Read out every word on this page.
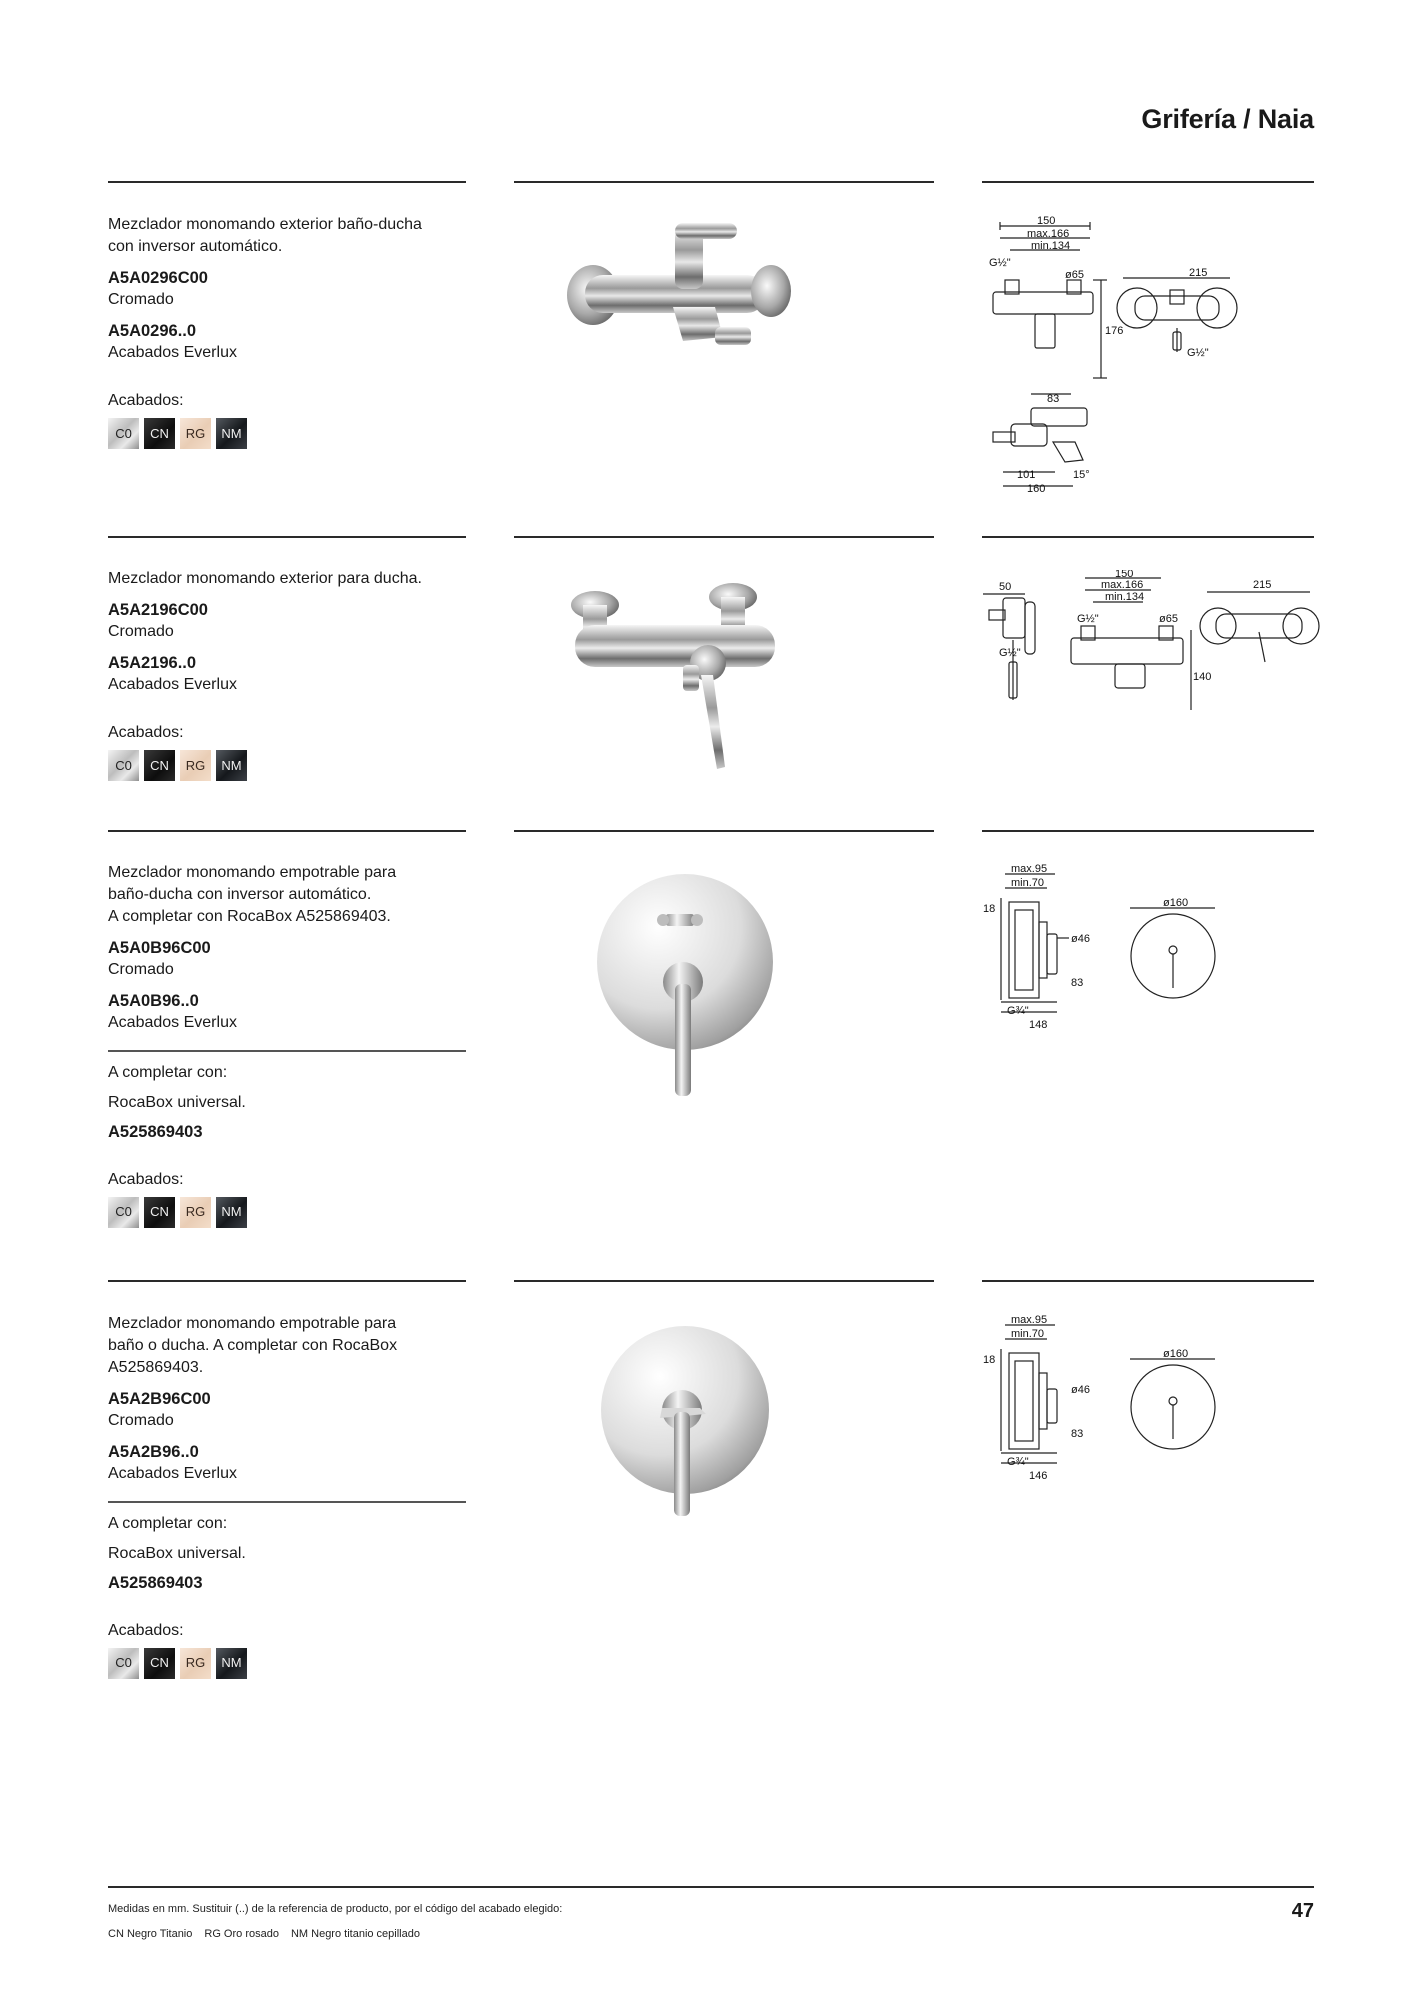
Grifería / Naia
Mezclador monomando exterior baño-ducha
con inversor automático.
A5A0296C00
Cromado
A5A0296..0
Acabados Everlux
Acabados:
C0	CN	RG	NM
150
max.166
min.134
G½"
ø65
176
215
G½"
83
101
160
15°
Mezclador monomando exterior para ducha.
A5A2196C00
Cromado
A5A2196..0
Acabados Everlux
Acabados:
C0	CN	RG	NM
50
G½"
150
max.166
min.134
G½"	ø65
140
215
Mezclador monomando empotrable para
baño-ducha con inversor automático.
A completar con RocaBox A525869403.
A5A0B96C00
Cromado
A5A0B96..0
Acabados Everlux
A completar con:
RocaBox universal.
A525869403
Acabados:
C0	CN	RG	NM
max.95
min.70
18
ø46
83
G¾"
148
ø160
Mezclador monomando empotrable para
baño o ducha. A completar con RocaBox
A525869403.
A5A2B96C00
Cromado
A5A2B96..0
Acabados Everlux
A completar con:
RocaBox universal.
A525869403
Acabados:
C0	CN	RG	NM
max.95
min.70
18
ø46
83
G¾"
146
ø160
Medidas en mm. Sustituir (..) de la referencia de producto, por el código del acabado elegido:
CN Negro Titanio RG Oro rosado NM Negro titanio cepillado
47
